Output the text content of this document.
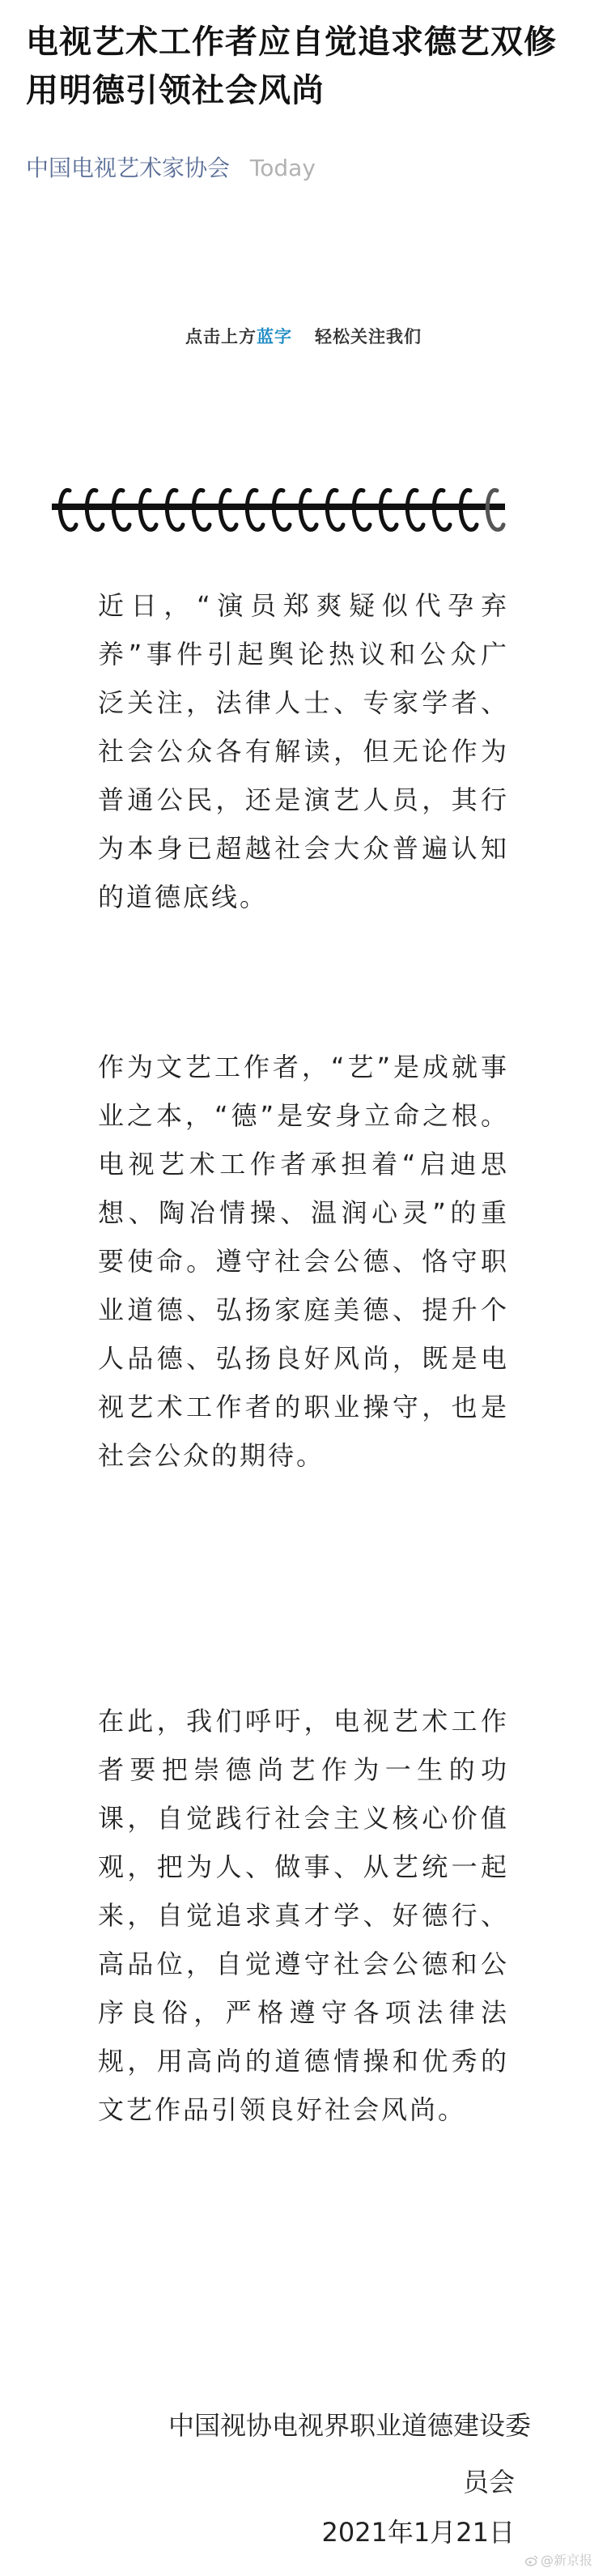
电视艺术工作者应自觉追求德艺双修 用明德引领社会风尚
中国电视艺术家协会 Today
点击上方蓝字 轻松关注我们

近日，“演员郑爽疑似代孕弃养”事件引起舆论热议和公众广泛关注，法律人士、专家学者、社会公众各有解读，但无论作为普通公民，还是演艺人员，其行为本身已超越社会大众普遍认知的道德底线。

作为文艺工作者，“艺”是成就事业之本，“德”是安身立命之根。电视艺术工作者承担着“启迪思想、陶冶情操、温润心灵”的重要使命。遵守社会公德、恪守职业道德、弘扬家庭美德、提升个人品德、弘扬良好风尚，既是电视艺术工作者的职业操守，也是社会公众的期待。

在此，我们呼吁，电视艺术工作者要把崇德尚艺作为一生的功课，自觉践行社会主义核心价值观，把为人、做事、从艺统一起来，自觉追求真才学、好德行、高品位，自觉遵守社会公德和公序良俗，严格遵守各项法律法规，用高尚的道德情操和优秀的文艺作品引领良好社会风尚。

中国视协电视界职业道德建设委
员会
2021年1月21日
@新京报
